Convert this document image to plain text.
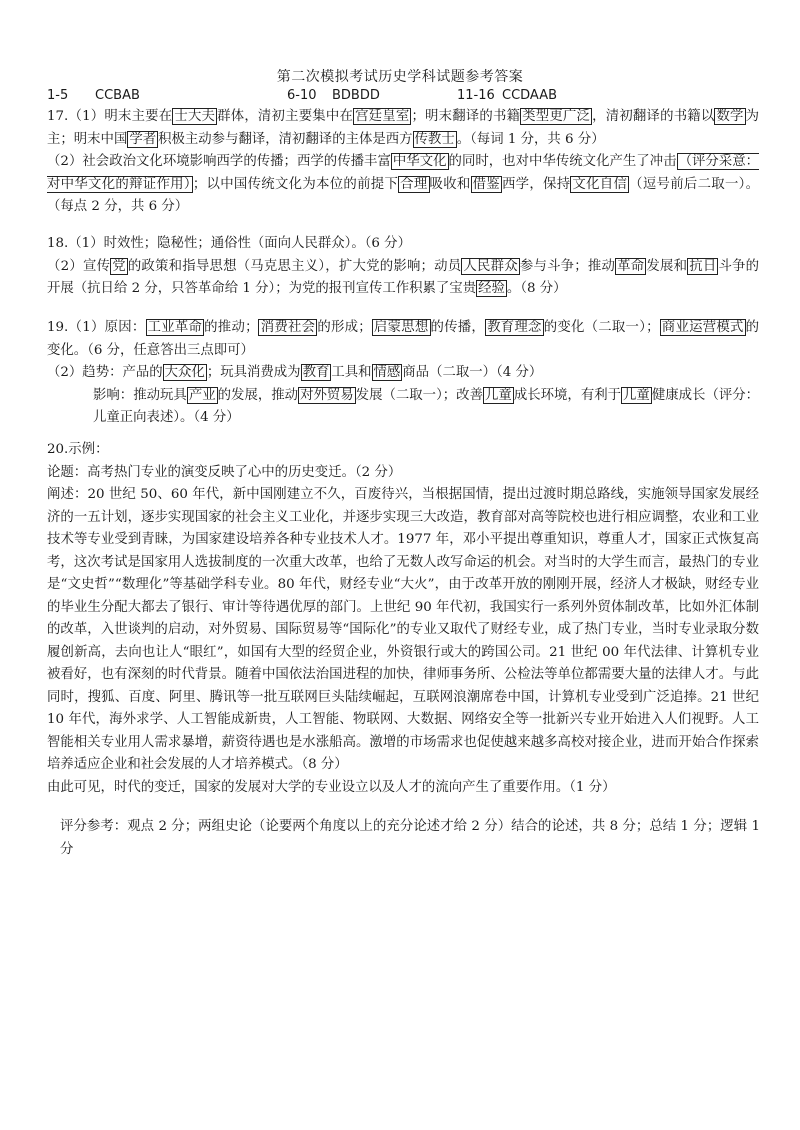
第二次模拟考试历史学科试题参考答案
1-5 CCBAB	6-10 BDBDD	11-16 CCDAAB

17.（1）明末主要在 士大夫 群体，清初主要集中在 宫廷皇室 ；明末翻译的书籍 类型更广泛 ，清初翻译的书籍以 数学 为主；明末中国 学者 积极主动参与翻译，清初翻译的主体是西方 传教士 。（每词 1 分，共 6 分）

（2）社会政治文化环境影响西学的传播；西学的传播丰富 中华文化 的同时，也对中华传统文化产生了冲击 （评分采意：对中华文化的辩证作用） ；以中国传统文化为本位的前提下 合理 吸收和 借鉴 西学，保持 文化自信 （逗号前后二取一）。（每点 2 分，共 6 分）

18.（1）时效性；隐秘性；通俗性（面向人民群众）。（6 分）

（2）宣传 党 的政策和指导思想（马克思主义），扩大党的影响；动员 人民群众 参与斗争；推动 革命 发展和 抗日 斗争的开展（抗日给 2 分，只答革命给 1 分）；为党的报刊宣传工作积累了宝贵 经验 。（8 分）

19.（1）原因： 工业革命 的推动； 消费社会 的形成； 启蒙思想 的传播， 教育理念 的变化（二取一）； 商业运营模式 的变化。（6 分，任意答出三点即可）

（2）趋势：产品的 大众化 ；玩具消费成为 教育 工具和 情感 商品（二取一）（4 分）

影响：推动玩具 产业 的发展，推动 对外贸易 发展（二取一）；改善 儿童 成长环境，有利于 儿童 健康成长（评分：儿童正向表述）。（4 分）

20.示例：

论题：高考热门专业的演变反映了心中的历史变迁。（2 分）

阐述：20 世纪 50、60 年代，新中国刚建立不久，百废待兴，当根据国情，提出过渡时期总路线，实施领导国家发展经济的一五计划，逐步实现国家的社会主义工业化，并逐步实现三大改造，教育部对高等院校也进行相应调整，农业和工业技术等专业受到青睐，为国家建设培养各种专业技术人才。1977 年，邓小平提出尊重知识，尊重人才，国家正式恢复高考，这次考试是国家用人选拔制度的一次重大改革，也给了无数人改写命运的机会。对当时的大学生而言，最热门的专业是“文史哲”“数理化”等基础学科专业。80 年代，财经专业“大火”，由于改革开放的刚刚开展，经济人才极缺，财经专业的毕业生分配大都去了银行、审计等待遇优厚的部门。上世纪 90 年代初，我国实行一系列外贸体制改革，比如外汇体制的改革，入世谈判的启动，对外贸易、国际贸易等“国际化”的专业又取代了财经专业，成了热门专业，当时专业录取分数履创新高，去向也让人“眼红”，如国有大型的经贸企业，外资银行或大的跨国公司。21 世纪 00 年代法律、计算机专业被看好，也有深刻的时代背景。随着中国依法治国进程的加快，律师事务所、公检法等单位都需要大量的法律人才。与此同时，搜狐、百度、阿里、腾讯等一批互联网巨头陆续崛起，互联网浪潮席卷中国，计算机专业受到广泛追捧。21 世纪 10 年代，海外求学、人工智能成新贵，人工智能、物联网、大数据、网络安全等一批新兴专业开始进入人们视野。人工智能相关专业用人需求暴增，薪资待遇也是水涨船高。激增的市场需求也促使越来越多高校对接企业，进而开始合作探索培养适应企业和社会发展的人才培养模式。（8 分）

由此可见，时代的变迁，国家的发展对大学的专业设立以及人才的流向产生了重要作用。（1 分）

评分参考：观点 2 分；两组史论（论要两个角度以上的充分论述才给 2 分）结合的论述，共 8 分；总结 1 分；逻辑 1 分
